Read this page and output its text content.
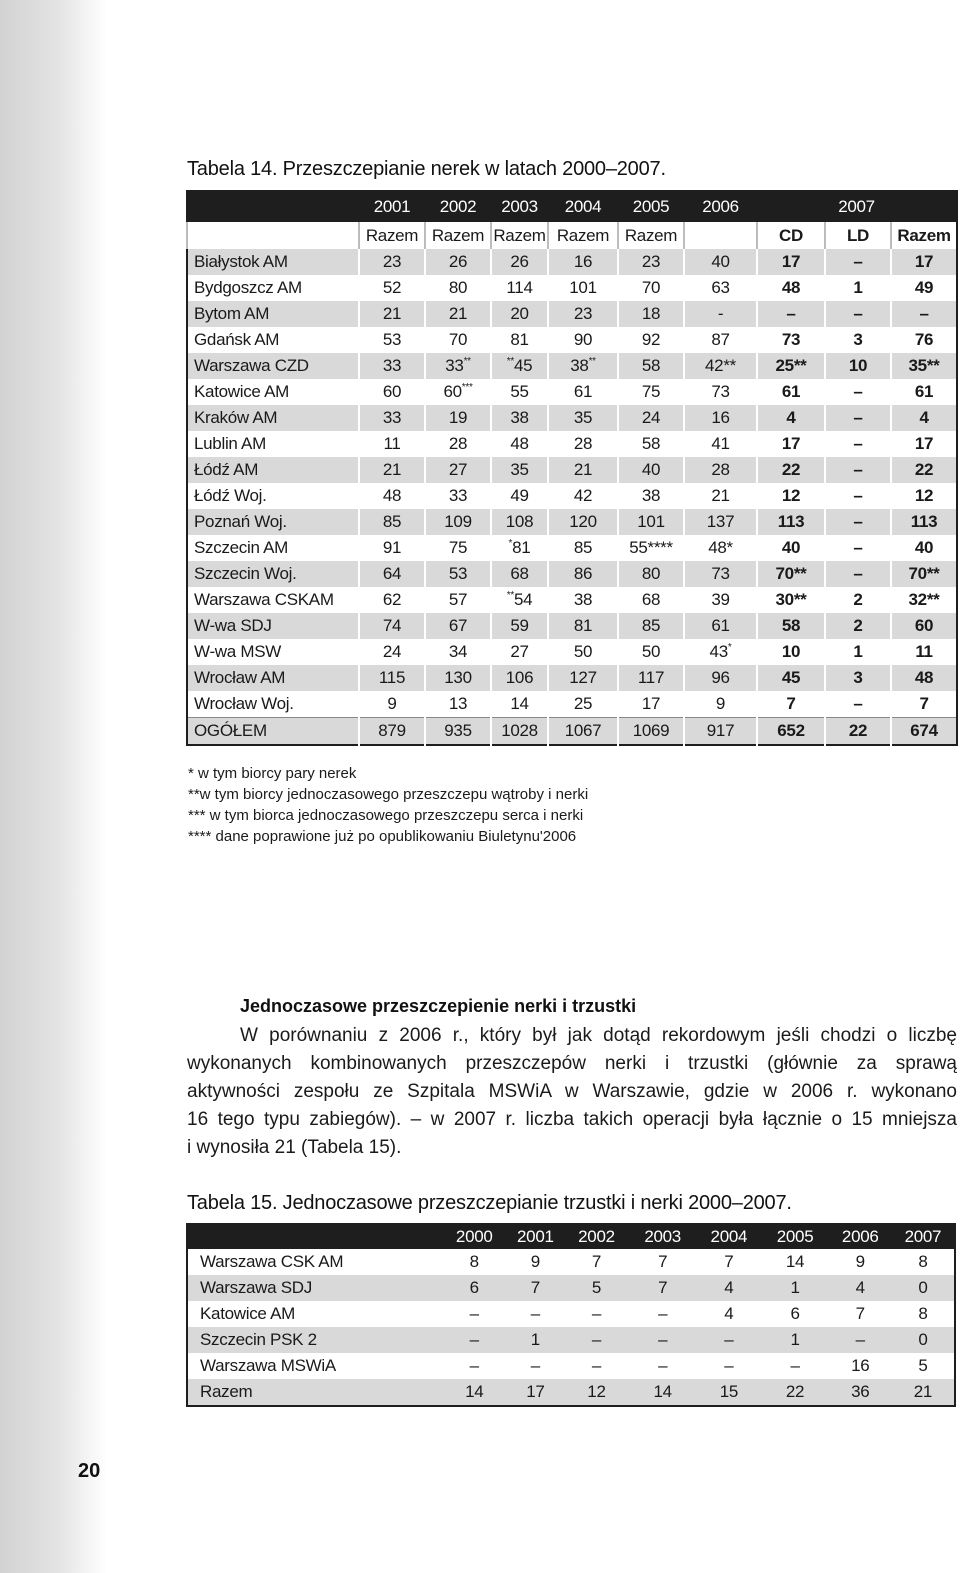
Tabela 14. Przeszczepianie nerek w latach 2000–2007.
	2001	2002	2003	2004	2005	2006	2007		
	Razem	Razem	Razem	Razem	Razem		CD	LD	Razem
Białystok AM	23	26	26	16	23	40	17	–	17
Bydgoszcz AM	52	80	114	101	70	63	48	1	49
Bytom AM	21	21	20	23	18	-	–	–	–
Gdańsk AM	53	70	81	90	92	87	73	3	76
Warszawa CZD	33	33**	**45	38**	58	42**	25**	10	35**
Katowice AM	60	60***	55	61	75	73	61	–	61
Kraków AM	33	19	38	35	24	16	4	–	4
Lublin AM	11	28	48	28	58	41	17	–	17
Łódź AM	21	27	35	21	40	28	22	–	22
Łódź Woj.	48	33	49	42	38	21	12	–	12
Poznań Woj.	85	109	108	120	101	137	113	–	113
Szczecin AM	91	75	*81	85	55****	48*	40	–	40
Szczecin Woj.	64	53	68	86	80	73	70**	–	70**
Warszawa CSKAM	62	57	**54	38	68	39	30**	2	32**
W-wa SDJ	74	67	59	81	85	61	58	2	60
W-wa MSW	24	34	27	50	50	43*	10	1	11
Wrocław AM	115	130	106	127	117	96	45	3	48
Wrocław Woj.	9	13	14	25	17	9	7	–	7
OGÓŁEM	879	935	1028	1067	1069	917	652	22	674
* w tym biorcy pary nerek
**w tym biorcy jednoczasowego przeszczepu wątroby i nerki
*** w tym biorca jednoczasowego przeszczepu serca i nerki
**** dane poprawione już po opublikowaniu Biuletynu'2006
Jednoczasowe przeszczepienie nerki i trzustki
W porównaniu z 2006 r., który był jak dotąd rekordowym jeśli chodzi o liczbę
wykonanych kombinowanych przeszczepów nerki i trzustki (głównie za sprawą
aktywności zespołu ze Szpitala MSWiA w Warszawie, gdzie w 2006 r. wykonano
16 tego typu zabiegów). – w 2007 r. liczba takich operacji była łącznie o 15 mniejsza
i wynosiła 21 (Tabela 15).
Tabela 15. Jednoczasowe przeszczepianie trzustki i nerki 2000–2007.
	2000	2001	2002	2003	2004	2005	2006	2007
Warszawa CSK AM	8	9	7	7	7	14	9	8
Warszawa SDJ	6	7	5	7	4	1	4	0
Katowice AM	–	–	–	–	4	6	7	8
Szczecin PSK 2	–	1	–	–	–	1	–	0
Warszawa MSWiA	–	–	–	–	–	–	16	5
Razem	14	17	12	14	15	22	36	21
20
